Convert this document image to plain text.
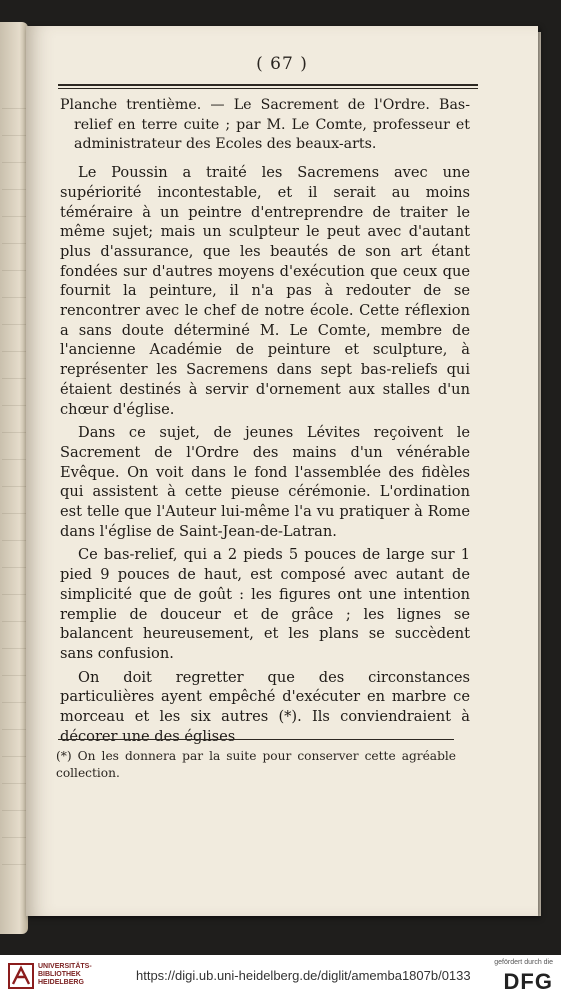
( 67 )

Planche trentième. — Le Sacrement de l'Ordre. Bas-relief en terre cuite ; par M. Le Comte, professeur et administrateur des Ecoles des beaux-arts.

Le Poussin a traité les Sacremens avec une supériorité incontestable, et il serait au moins téméraire à un peintre d'entreprendre de traiter le même sujet; mais un sculpteur le peut avec d'autant plus d'assurance, que les beautés de son art étant fondées sur d'autres moyens d'exécution que ceux que fournit la peinture, il n'a pas à redouter de se rencontrer avec le chef de notre école. Cette réflexion a sans doute déterminé M. Le Comte, membre de l'ancienne Académie de peinture et sculpture, à représenter les Sacremens dans sept bas-reliefs qui étaient destinés à servir d'ornement aux stalles d'un chœur d'église.

Dans ce sujet, de jeunes Lévites reçoivent le Sacrement de l'Ordre des mains d'un vénérable Evêque. On voit dans le fond l'assemblée des fidèles qui assistent à cette pieuse cérémonie. L'ordination est telle que l'Auteur lui-même l'a vu pratiquer à Rome dans l'église de Saint-Jean-de-Latran.

Ce bas-relief, qui a 2 pieds 5 pouces de large sur 1 pied 9 pouces de haut, est composé avec autant de simplicité que de goût : les figures ont une intention remplie de douceur et de grâce ; les lignes se balancent heureusement, et les plans se succèdent sans confusion.

On doit regretter que des circonstances particulières ayent empêché d'exécuter en marbre ce morceau et les six autres (*). Ils conviendraient à décorer une des églises

(*) On les donnera par la suite pour conserver cette agréable collection.
UNIVERSITÄTS- BIBLIOTHEK HEIDELBERG	https://digi.ub.uni-heidelberg.de/diglit/amemba1807b/0133
gefördert durch die
DFG
